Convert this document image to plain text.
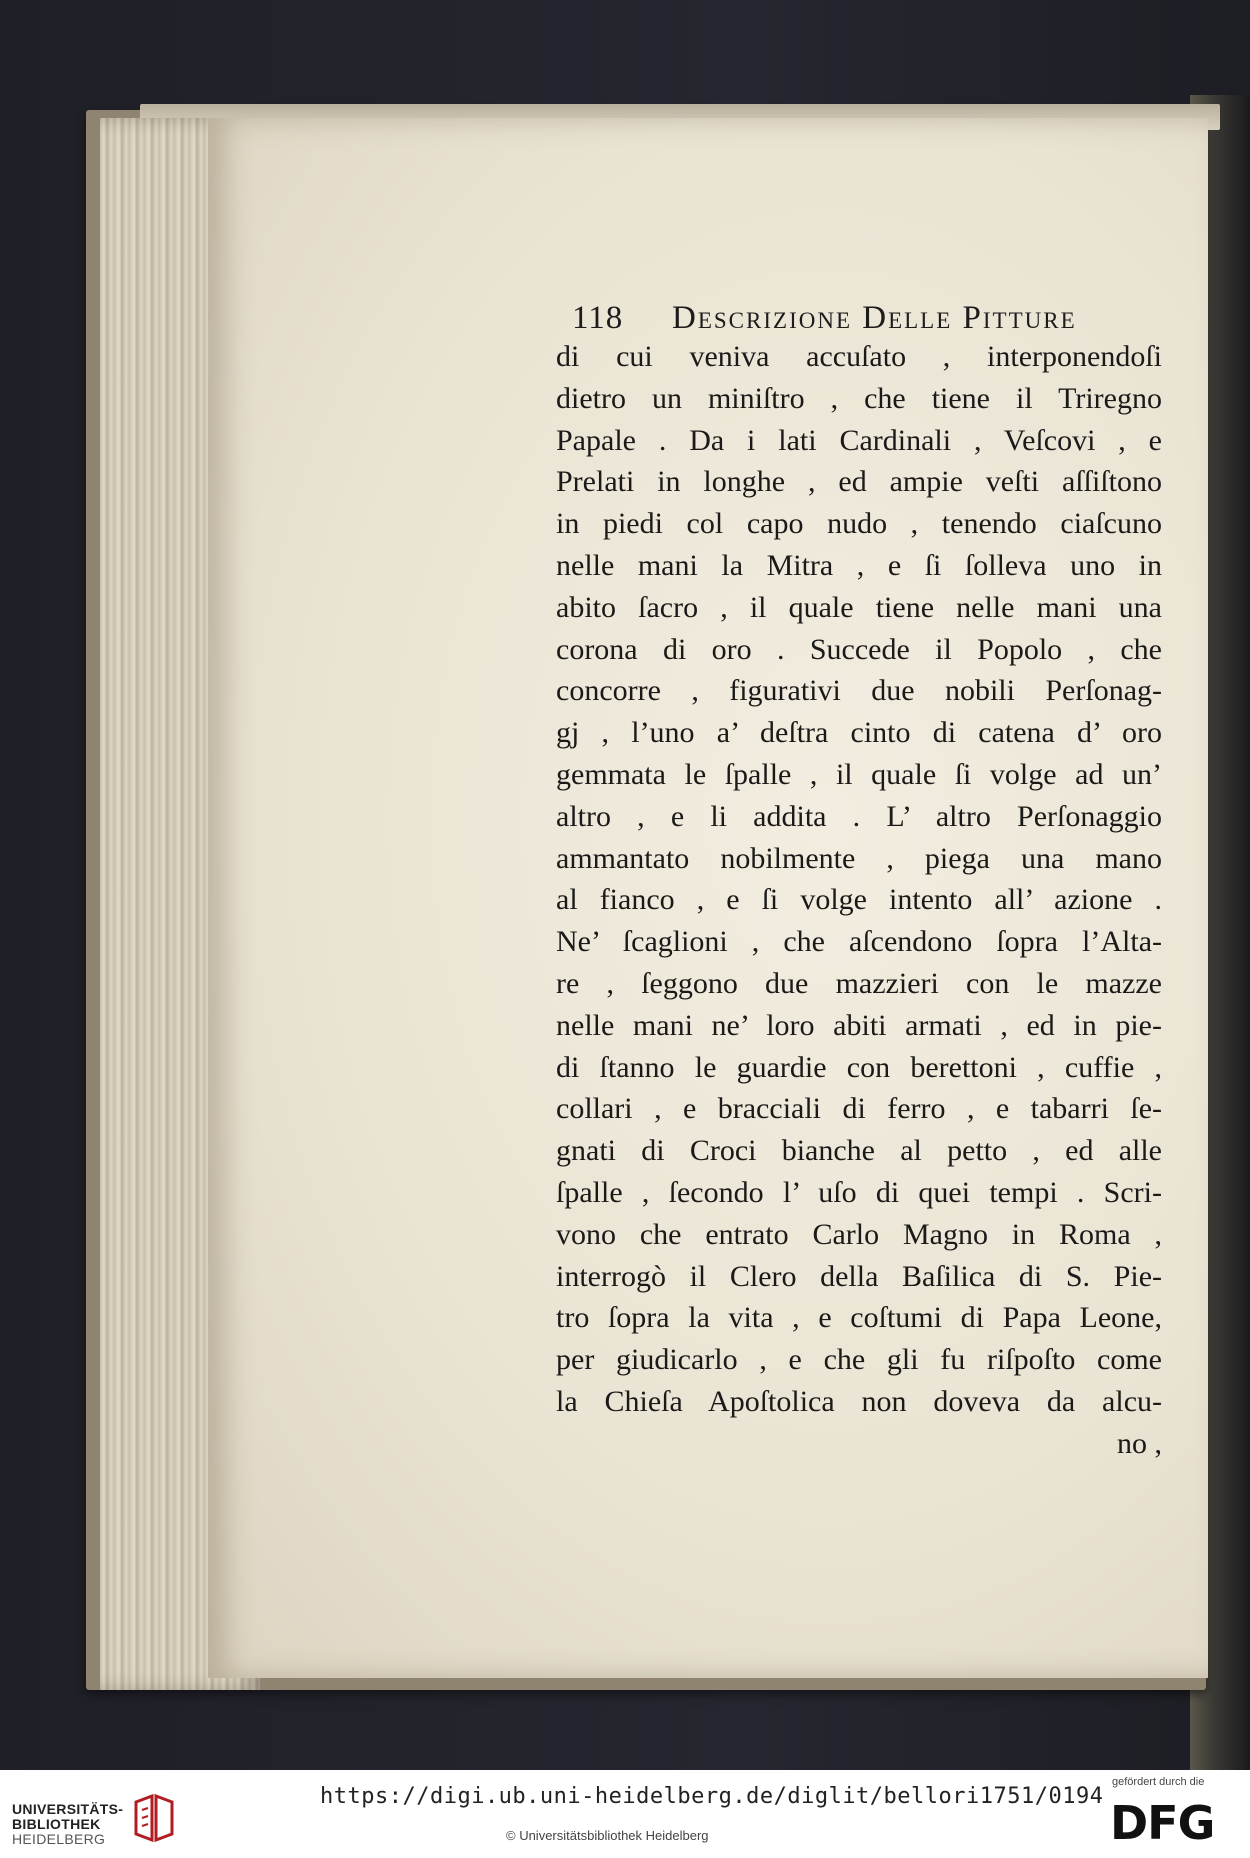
118 Descrizione Delle Pitture
di cui veniva accuſato , interponendoſi
dietro un miniſtro , che tiene il Triregno
Papale . Da i lati Cardinali , Veſcovi , e
Prelati in longhe , ed ampie veſti aſſiſtono
in piedi col capo nudo , tenendo ciaſcuno
nelle mani la Mitra , e ſi ſolleva uno in
abito ſacro , il quale tiene nelle mani una
corona di oro . Succede il Popolo , che
concorre , figurativi due nobili Perſonag-
gj , l’uno a’ deſtra cinto di catena d’ oro
gemmata le ſpalle , il quale ſi volge ad un’
altro , e li addita . L’ altro Perſonaggio
ammantato nobilmente , piega una mano
al fianco , e ſi volge intento all’ azione .
Ne’ ſcaglioni , che aſcendono ſopra l’Alta-
re , ſeggono due mazzieri con le mazze
nelle mani ne’ loro abiti armati , ed in pie-
di ſtanno le guardie con berettoni , cuffie ,
collari , e bracciali di ferro , e tabarri ſe-
gnati di Croci bianche al petto , ed alle
ſpalle , ſecondo l’ uſo di quei tempi . Scri-
vono che entrato Carlo Magno in Roma ,
interrogò il Clero della Baſilica di S. Pie-
tro ſopra la vita , e coſtumi di Papa Leone,
per giudicarlo , e che gli fu riſpoſto come
la Chieſa Apoſtolica non doveva da alcu-
no ,
UNIVERSITÄTS-
BIBLIOTHEK
HEIDELBERG
https://digi.ub.uni-heidelberg.de/diglit/bellori1751/0194
© Universitätsbibliothek Heidelberg
gefördert durch die
DFG
